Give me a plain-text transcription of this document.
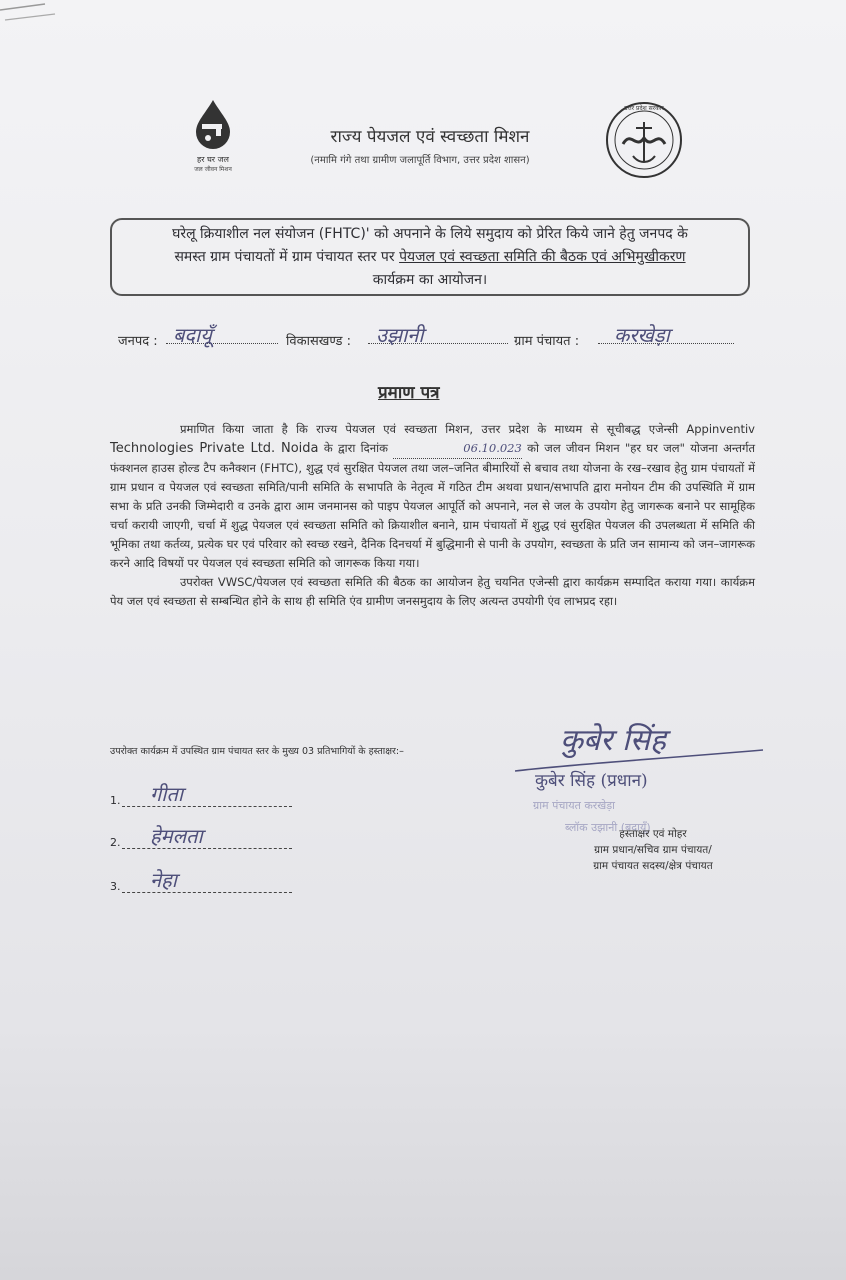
हर घर जल
जल जीवन मिशन
राज्य पेयजल एवं स्वच्छता मिशन
(नमामि गंगे तथा ग्रामीण जलापूर्ति विभाग, उत्तर प्रदेश शासन)
उत्तर प्रदेश सरकार
घरेलू क्रियाशील नल संयोजन (FHTC)' को अपनाने के लिये समुदाय को प्रेरित किये जाने हेतु जनपद के
समस्त ग्राम पंचायतों में ग्राम पंचायत स्तर पर पेयजल एवं स्वच्छता समिति की बैठक एवं अभिमुखीकरण
कार्यक्रम का आयोजन।
जनपद : बदायूँ	विकासखण्ड : उझानी	ग्राम पंचायत : करखेड़ा
प्रमाण पत्र

प्रमाणित किया जाता है कि राज्य पेयजल एवं स्वच्छता मिशन, उत्तर प्रदेश के माध्यम से सूचीबद्ध एजेन्सी Appinventiv Technologies Private Ltd. Noida के द्वारा दिनांक	06.10.023 को जल जीवन मिशन "हर घर जल" योजना अन्तर्गत फंक्शनल हाउस होल्ड टैप कनैक्शन (FHTC), शुद्ध एवं सुरक्षित पेयजल तथा जल–जनित बीमारियों से बचाव तथा योजना के रख–रखाव हेतु ग्राम पंचायतों में ग्राम प्रधान व पेयजल एवं स्वच्छता समिति/पानी समिति के सभापति के नेतृत्व में गठित टीम अथवा प्रधान/सभापति द्वारा मनोयन टीम की उपस्थिति में ग्राम सभा के प्रति उनकी जिम्मेदारी व उनके द्वारा आम जनमानस को पाइप पेयजल आपूर्ति को अपनाने, नल से जल के उपयोग हेतु जागरूक बनाने पर सामूहिक चर्चा करायी जाएगी, चर्चा में शुद्ध पेयजल एवं स्वच्छता समिति को क्रियाशील बनाने, ग्राम पंचायतों में शुद्ध एवं सुरक्षित पेयजल की उपलब्धता में समिति की भूमिका तथा कर्तव्य, प्रत्येक घर एवं परिवार को स्वच्छ रखने, दैनिक दिनचर्या में बुद्धिमानी से पानी के उपयोग, स्वच्छता के प्रति जन सामान्य को जन–जागरूक करने आदि विषयों पर पेयजल एवं स्वच्छता समिति को जागरूक किया गया।

उपरोक्त VWSC/पेयजल एवं स्वच्छता समिति की बैठक का आयोजन हेतु चयनित एजेन्सी द्वारा कार्यक्रम सम्पादित कराया गया। कार्यक्रम पेय जल एवं स्वच्छता से सम्बन्धित होने के साथ ही समिति एंव ग्रामीण जनसमुदाय के लिए अत्यन्त उपयोगी एंव लाभप्रद रहा।

उपरोक्त कार्यक्रम में उपस्थित ग्राम पंचायत स्तर के मुख्य 03 प्रतिभागियों के हस्ताक्षर:–
1. गीता
2. हेमलता
3. नेहा
कुबेर सिंह
कुबेर सिंह (प्रधान)
ग्राम पंचायत करखेड़ा
ब्लॉक उझानी (बदायूँ)
हस्ताक्षर एवं मोहर
ग्राम प्रधान/सचिव ग्राम पंचायत/
ग्राम पंचायत सदस्य/क्षेत्र पंचायत
